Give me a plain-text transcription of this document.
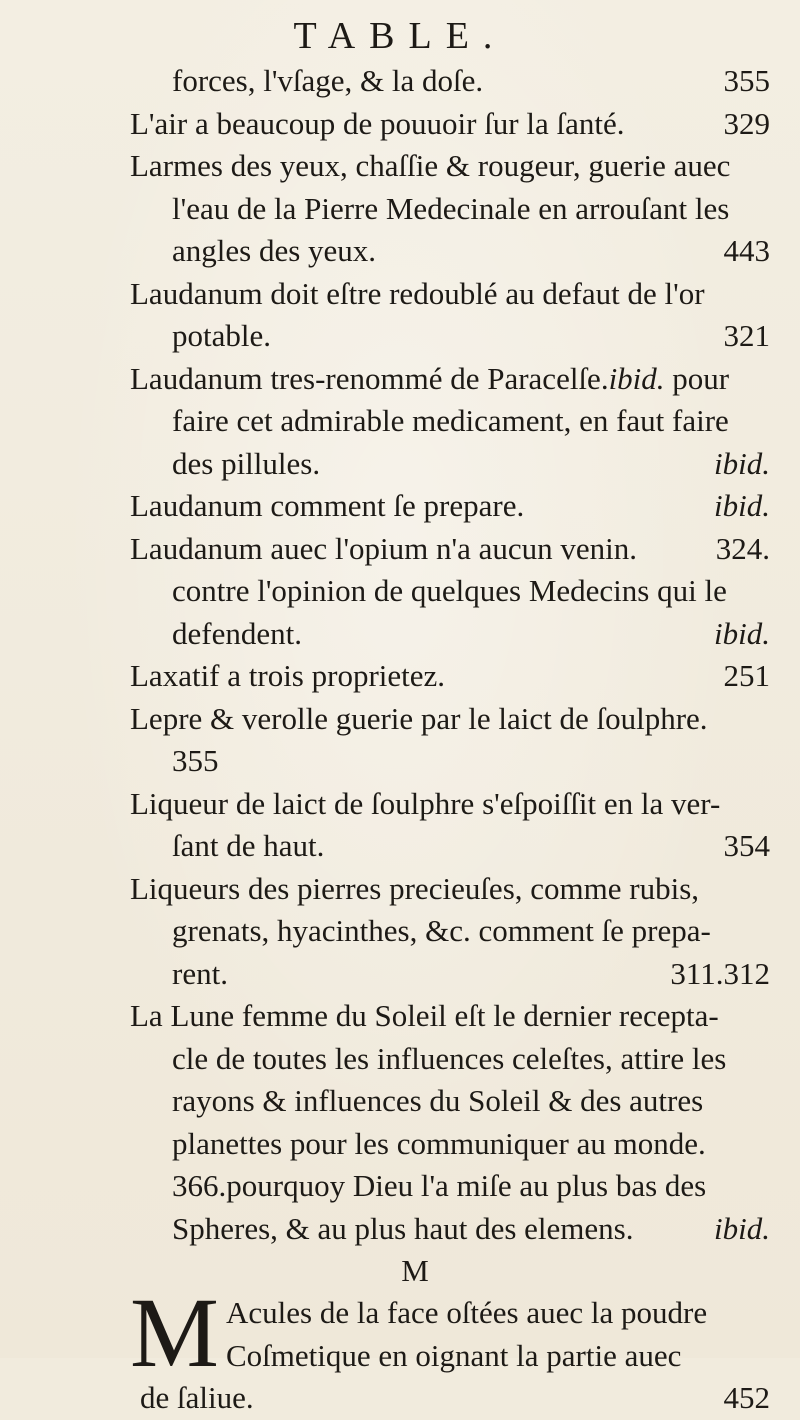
TABLE.
forces, l'vſage, & la doſe.	355
L'air a beaucoup de pouuoir ſur la ſanté.	329
Larmes des yeux, chaſſie & rougeur, guerie auec
l'eau de la Pierre Medecinale en arrouſant les
angles des yeux.	443
Laudanum doit eſtre redoublé au defaut de l'or
potable.	321
Laudanum tres-renommé de Paracelſe.ibid. pour
faire cet admirable medicament, en faut faire
des pillules.	ibid.
Laudanum comment ſe prepare.	ibid.
Laudanum auec l'opium n'a aucun venin.	324.
contre l'opinion de quelques Medecins qui le
defendent.	ibid.
Laxatif a trois proprietez.	251
Lepre & verolle guerie par le laict de ſoulphre.
355
Liqueur de laict de ſoulphre s'eſpoiſſit en la ver-
ſant de haut.	354
Liqueurs des pierres precieuſes, comme rubis,
grenats, hyacinthes, &c. comment ſe prepa-
rent.	311.312
La Lune femme du Soleil eſt le dernier recepta-
cle de toutes les influences celeſtes, attire les
rayons & influences du Soleil & des autres
planettes pour les communiquer au monde.
366.pourquoy Dieu l'a miſe au plus bas des
Spheres, & au plus haut des elemens.	ibid.
M
M Acules de la face oſtées auec la poudre
Coſmetique en oignant la partie auec
de ſaliue.	452
